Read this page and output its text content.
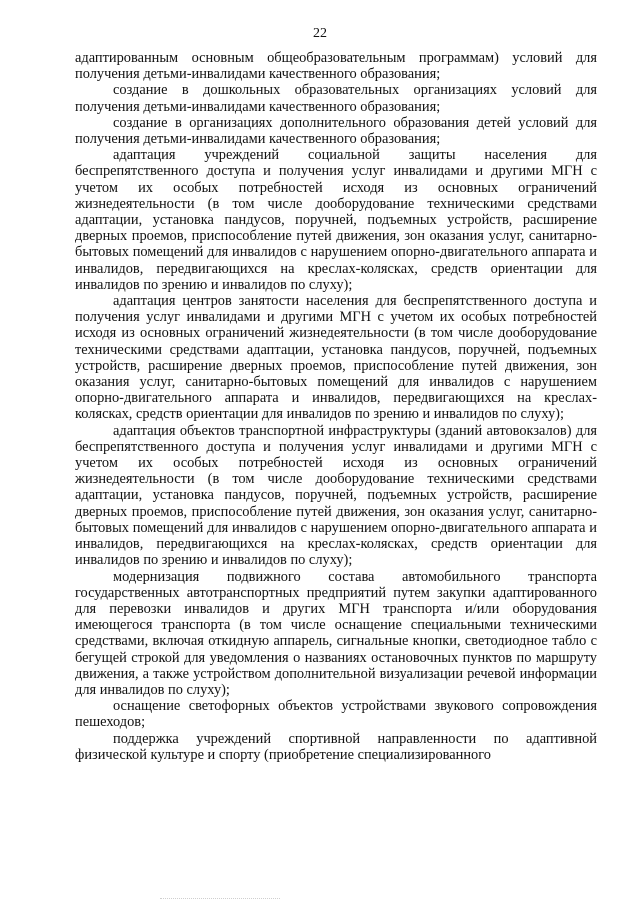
22

адаптированным основным общеобразовательным программам) условий для получения детьми-инвалидами качественного образования;

создание в дошкольных образовательных организациях условий для получения детьми-инвалидами качественного образования;

создание в организациях дополнительного образования детей условий для получения детьми-инвалидами качественного образования;

адаптация учреждений социальной защиты населения для беспрепятственного доступа и получения услуг инвалидами и другими МГН с учетом их особых потребностей исходя из основных ограничений жизнедеятельности (в том числе дооборудование техническими средствами адаптации, установка пандусов, поручней, подъемных устройств, расширение дверных проемов, приспособление путей движения, зон оказания услуг, санитарно-бытовых помещений для инвалидов с нарушением опорно-двигательного аппарата и инвалидов, передвигающихся на креслах-колясках, средств ориентации для инвалидов по зрению и инвалидов по слуху);

адаптация центров занятости населения для беспрепятственного доступа и получения услуг инвалидами и другими МГН с учетом их особых потребностей исходя из основных ограничений жизнедеятельности (в том числе дооборудование техническими средствами адаптации, установка пандусов, поручней, подъемных устройств, расширение дверных проемов, приспособление путей движения, зон оказания услуг, санитарно-бытовых помещений для инвалидов с нарушением опорно-двигательного аппарата и инвалидов, передвигающихся на креслах-колясках, средств ориентации для инвалидов по зрению и инвалидов по слуху);

адаптация объектов транспортной инфраструктуры (зданий автовокзалов) для беспрепятственного доступа и получения услуг инвалидами и другими МГН с учетом их особых потребностей исходя из основных ограничений жизнедеятельности (в том числе дооборудование техническими средствами адаптации, установка пандусов, поручней, подъемных устройств, расширение дверных проемов, приспособление путей движения, зон оказания услуг, санитарно-бытовых помещений для инвалидов с нарушением опорно-двигательного аппарата и инвалидов, передвигающихся на креслах-колясках, средств ориентации для инвалидов по зрению и инвалидов по слуху);

модернизация подвижного состава автомобильного транспорта государственных автотранспортных предприятий путем закупки адаптированного для перевозки инвалидов и других МГН транспорта и/или оборудования имеющегося транспорта (в том числе оснащение специальными техническими средствами, включая откидную аппарель, сигнальные кнопки, светодиодное табло с бегущей строкой для уведомления о названиях остановочных пунктов по маршруту движения, а также устройством дополнительной визуализации речевой информации для инвалидов по слуху);

оснащение светофорных объектов устройствами звукового сопровождения пешеходов;

поддержка учреждений спортивной направленности по адаптивной физической культуре и спорту (приобретение специализированного
